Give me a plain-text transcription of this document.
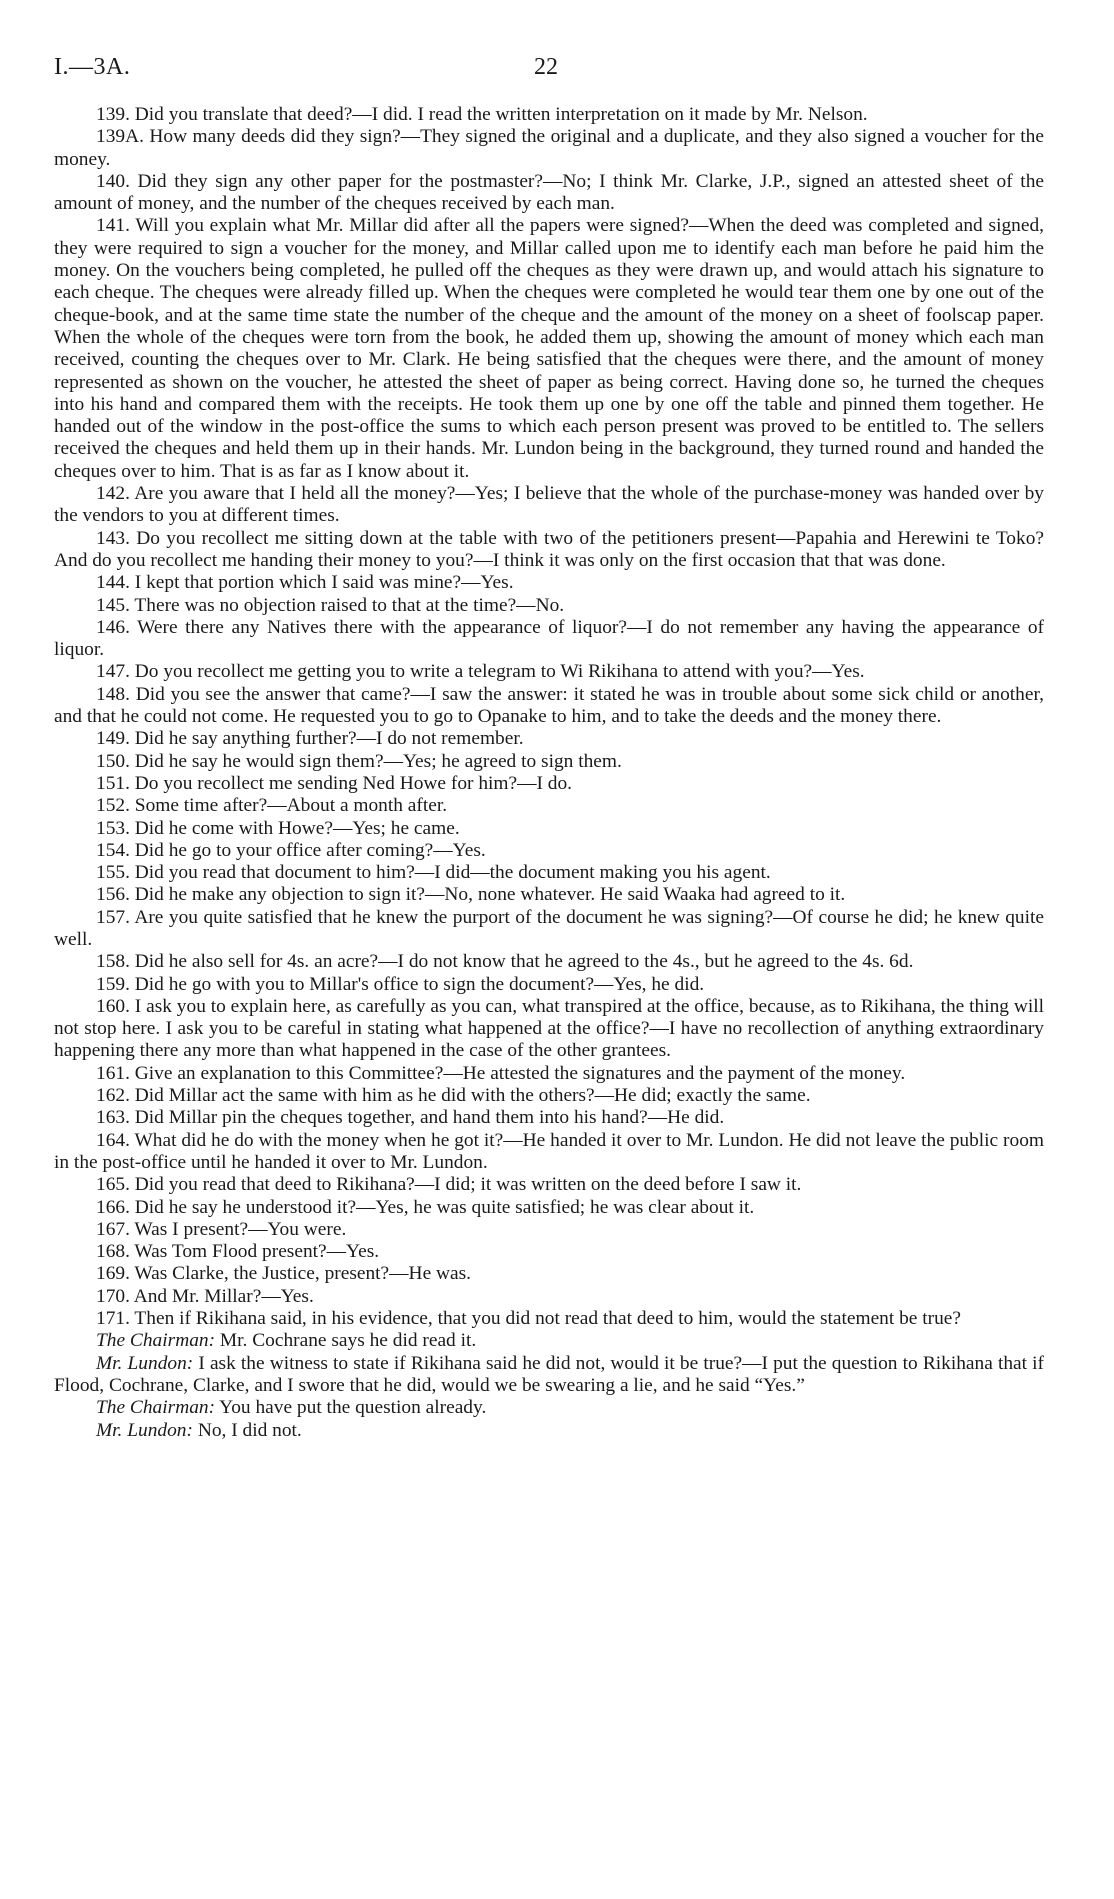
I.—3A.	22

139. Did you translate that deed?—I did. I read the written interpretation on it made by Mr. Nelson.

139A. How many deeds did they sign?—They signed the original and a duplicate, and they also signed a voucher for the money.

140. Did they sign any other paper for the postmaster?—No; I think Mr. Clarke, J.P., signed an attested sheet of the amount of money, and the number of the cheques received by each man.

141. Will you explain what Mr. Millar did after all the papers were signed?—When the deed was completed and signed, they were required to sign a voucher for the money, and Millar called upon me to identify each man before he paid him the money. On the vouchers being completed, he pulled off the cheques as they were drawn up, and would attach his signature to each cheque. The cheques were already filled up. When the cheques were completed he would tear them one by one out of the cheque-book, and at the same time state the number of the cheque and the amount of the money on a sheet of foolscap paper. When the whole of the cheques were torn from the book, he added them up, showing the amount of money which each man received, counting the cheques over to Mr. Clark. He being satisfied that the cheques were there, and the amount of money represented as shown on the voucher, he attested the sheet of paper as being correct. Having done so, he turned the cheques into his hand and compared them with the receipts. He took them up one by one off the table and pinned them together. He handed out of the window in the post-office the sums to which each person present was proved to be entitled to. The sellers received the cheques and held them up in their hands. Mr. Lundon being in the background, they turned round and handed the cheques over to him. That is as far as I know about it.

142. Are you aware that I held all the money?—Yes; I believe that the whole of the purchase-money was handed over by the vendors to you at different times.

143. Do you recollect me sitting down at the table with two of the petitioners present—Papahia and Herewini te Toko? And do you recollect me handing their money to you?—I think it was only on the first occasion that that was done.

144. I kept that portion which I said was mine?—Yes.

145. There was no objection raised to that at the time?—No.

146. Were there any Natives there with the appearance of liquor?—I do not remember any having the appearance of liquor.

147. Do you recollect me getting you to write a telegram to Wi Rikihana to attend with you?—Yes.

148. Did you see the answer that came?—I saw the answer: it stated he was in trouble about some sick child or another, and that he could not come. He requested you to go to Opanake to him, and to take the deeds and the money there.

149. Did he say anything further?—I do not remember.

150. Did he say he would sign them?—Yes; he agreed to sign them.

151. Do you recollect me sending Ned Howe for him?—I do.

152. Some time after?—About a month after.

153. Did he come with Howe?—Yes; he came.

154. Did he go to your office after coming?—Yes.

155. Did you read that document to him?—I did—the document making you his agent.

156. Did he make any objection to sign it?—No, none whatever. He said Waaka had agreed to it.

157. Are you quite satisfied that he knew the purport of the document he was signing?—Of course he did; he knew quite well.

158. Did he also sell for 4s. an acre?—I do not know that he agreed to the 4s., but he agreed to the 4s. 6d.

159. Did he go with you to Millar's office to sign the document?—Yes, he did.

160. I ask you to explain here, as carefully as you can, what transpired at the office, because, as to Rikihana, the thing will not stop here. I ask you to be careful in stating what happened at the office?—I have no recollection of anything extraordinary happening there any more than what happened in the case of the other grantees.

161. Give an explanation to this Committee?—He attested the signatures and the payment of the money.

162. Did Millar act the same with him as he did with the others?—He did; exactly the same.

163. Did Millar pin the cheques together, and hand them into his hand?—He did.

164. What did he do with the money when he got it?—He handed it over to Mr. Lundon. He did not leave the public room in the post-office until he handed it over to Mr. Lundon.

165. Did you read that deed to Rikihana?—I did; it was written on the deed before I saw it.

166. Did he say he understood it?—Yes, he was quite satisfied; he was clear about it.

167. Was I present?—You were.

168. Was Tom Flood present?—Yes.

169. Was Clarke, the Justice, present?—He was.

170. And Mr. Millar?—Yes.

171. Then if Rikihana said, in his evidence, that you did not read that deed to him, would the statement be true?

The Chairman: Mr. Cochrane says he did read it.

Mr. Lundon: I ask the witness to state if Rikihana said he did not, would it be true?—I put the question to Rikihana that if Flood, Cochrane, Clarke, and I swore that he did, would we be swearing a lie, and he said “Yes.”

The Chairman: You have put the question already.

Mr. Lundon: No, I did not.
